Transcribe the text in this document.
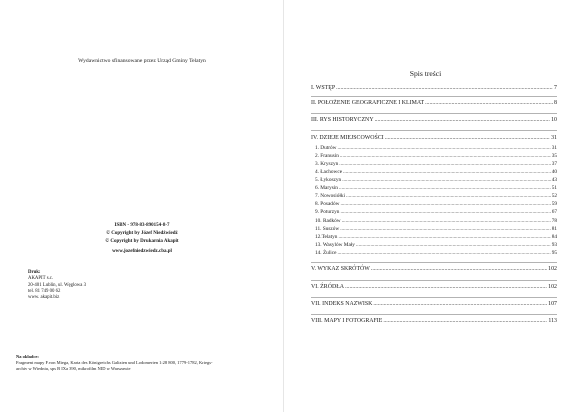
Wydawnictwo sfinansowane przez Urząd Gminy Telatyn
ISBN - 978-83-890154-8-7
© Copyright by Józef Niedźwiedź
© Copyright by Drukarnia Akapit
www.jozefniedzwiedz.cba.pl
Druk:
AKAPIT s.c.
20-401 Lublin, ul. Węglowa 3
tel. 81 749 00 62
www. akapit.biz
Na okładce:
Fragment mapy F.von Miega, Karta des Königreichs Galizien und Lodomerien 1:28 800, 1779-1782, Kriegs-
archiv w Wiedniu, sps B IXa 390, mikrofilm NID w Warszawie
Spis treści
I. WSTĘP .....	7
II. POŁOŻENIE GEOGRAFICZNE I KLIMAT .....	8
III. RYS HISTORYCZNY .....	10
IV. DZIEJE MIEJSCOWOŚCI .....	31
1. Dutrów .....	31
2. Franusin .....	35
3. Kryszyn .....	37
4. Łachowce .....	40
5. Łykoszyn .....	43
6. Marysin .....	51
7. Nowosiółki .....	52
8. Posadów .....	59
9. Poturzyn .....	67
10. Radków .....	78
11. Suszów .....	81
12.Telatyn .....	84
13. Wasylów Mały .....	93
14. Żulice .....	95
V. WYKAZ SKRÓTÓW .....	102
VI. ŹRÓDŁA .....	102
VII. INDEKS NAZWISK .....	107
VIII. MAPY I FOTOGRAFIE .....	113
